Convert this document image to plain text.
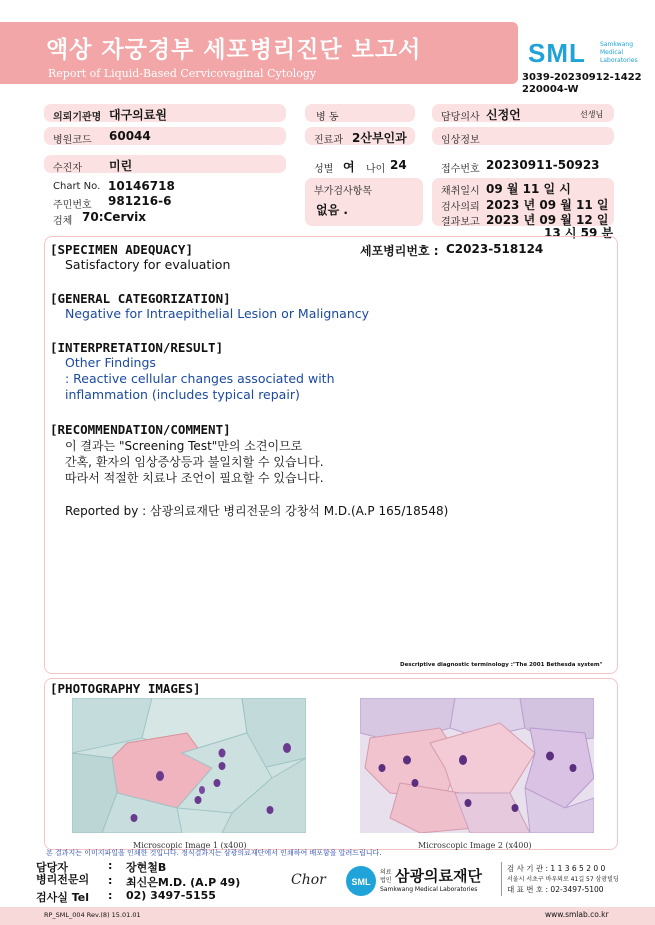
액상 자궁경부 세포병리진단 보고서
Report of Liquid-Based Cervicovaginal Cytology
SML Samkwang
Medical
Laboratories
3039-20230912-1422
220004-W
의뢰기관명 대구의료원	병 동	담당의사 신정언	선생님
병원코드 60044	진료과 2산부인과	임상정보
수진자 미린	성별 여 나이 24	접수번호 20230911-50923
Chart No. 10146718
주민번호 981216-6
검체 70:Cervix
부가검사항목
없음 .
채취일시 09 월 11 일 시
검사의뢰 2023 년 09 월 11 일
결과보고 2023 년 09 월 12 일
13 시 59 분
[SPECIMEN ADEQUACY]	세포병리번호 : C2023-518124
Satisfactory for evaluation
[GENERAL CATEGORIZATION]
Negative for Intraepithelial Lesion or Malignancy
[INTERPRETATION/RESULT]
Other Findings
: Reactive cellular changes associated with
inflammation (includes typical repair)
[RECOMMENDATION/COMMENT]
이 결과는 "Screening Test"만의 소견이므로
간혹, 환자의 임상증상등과 불일치할 수 있습니다.
따라서 적절한 치료나 조언이 필요할 수 있습니다.
Reported by : 삼광의료재단 병리전문의 강창석 M.D.(A.P 165/18548)
Descriptive diagnostic terminology :"The 2001 Bethesda system"
[PHOTOGRAPHY IMAGES]
Microscopic Image 1 (x400)	Microscopic Image 2 (x400)
본 결과지는 이미지파일을 인쇄한 것입니다. 정식결과지는 삼광의료재단에서 인쇄하여 배포함을 알려드립니다.
담당자	: 장현철B
병리전문의 : 최신은M.D. (A.P 49)
검사실 Tel : 02) 3497-5155
Chor	SML
의료
법인 삼광의료재단
Samkwang Medical Laboratories
검 사 기 관 : 1 1 3 6 5 2 0 0
서울시 서초구 바우뫼로 41길 57 삼광빌딩
대 표 번 호 : 02-3497-5100
RP_SML_004 Rev.(8) 15.01.01	www.smlab.co.kr
